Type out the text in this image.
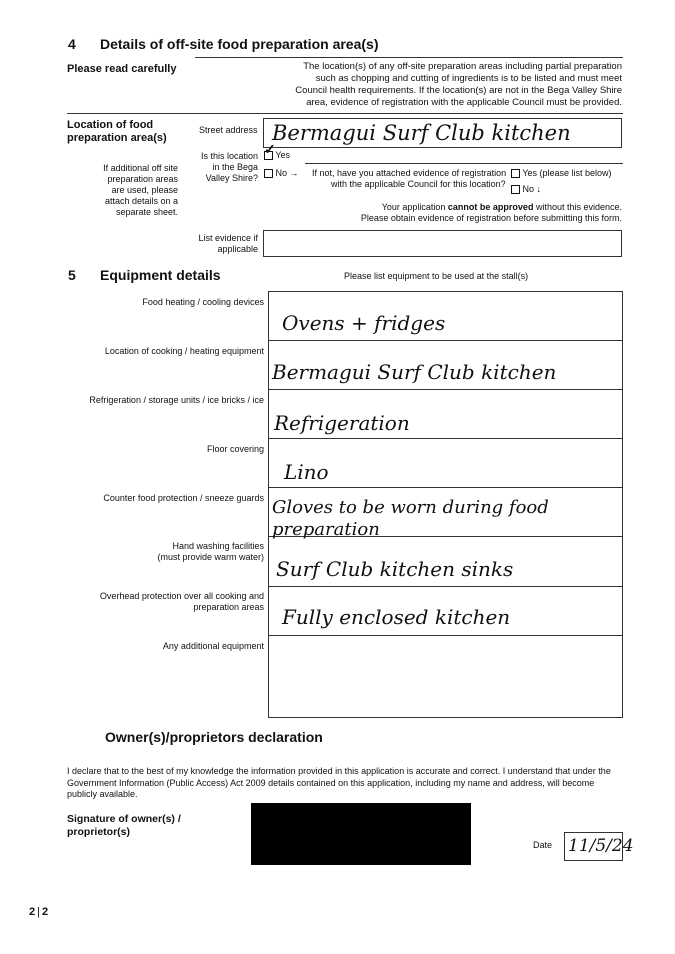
4 Details of off-site food preparation area(s)
Please read carefully	The location(s) of any off-site preparation areas including partial preparation
such as chopping and cutting of ingredients is to be listed and must meet
Council health requirements. If the location(s) are not in the Bega Valley Shire
area, evidence of registration with the applicable Council must be provided.
Location of food
preparation area(s)
Street address Bermagui Surf Club kitchen
If additional off site
preparation areas
are used, please
attach details on a
separate sheet.
Is this location
in the Bega
Valley Shire?
✓ Yes
No → If not, have you attached evidence of registration
with the applicable Council for this location?
Yes (please list below)
No ↓
Your application cannot be approved without this evidence.
Please obtain evidence of registration before submitting this form.
List evidence if
applicable
5 Equipment details	Please list equipment to be used at the stall(s)
Food heating / cooling devices
Location of cooking / heating equipment
Refrigeration / storage units / ice bricks / ice
Floor covering
Counter food protection / sneeze guards
Hand washing facilities
(must provide warm water)
Overhead protection over all cooking and
preparation areas
Any additional equipment
Ovens + fridges
Bermagui Surf Club kitchen
Refrigeration
Lino
Gloves to be worn during food preparation
Surf Club kitchen sinks
Fully enclosed kitchen
Owner(s)/proprietors declaration
I declare that to the best of my knowledge the information provided in this application is accurate and correct. I understand that under the
Government Information (Public Access) Act 2009 details contained on this application, including my name and address, will become
publicly available.
Signature of owner(s) /
proprietor(s)
Date 11/5/24
2 | 2
